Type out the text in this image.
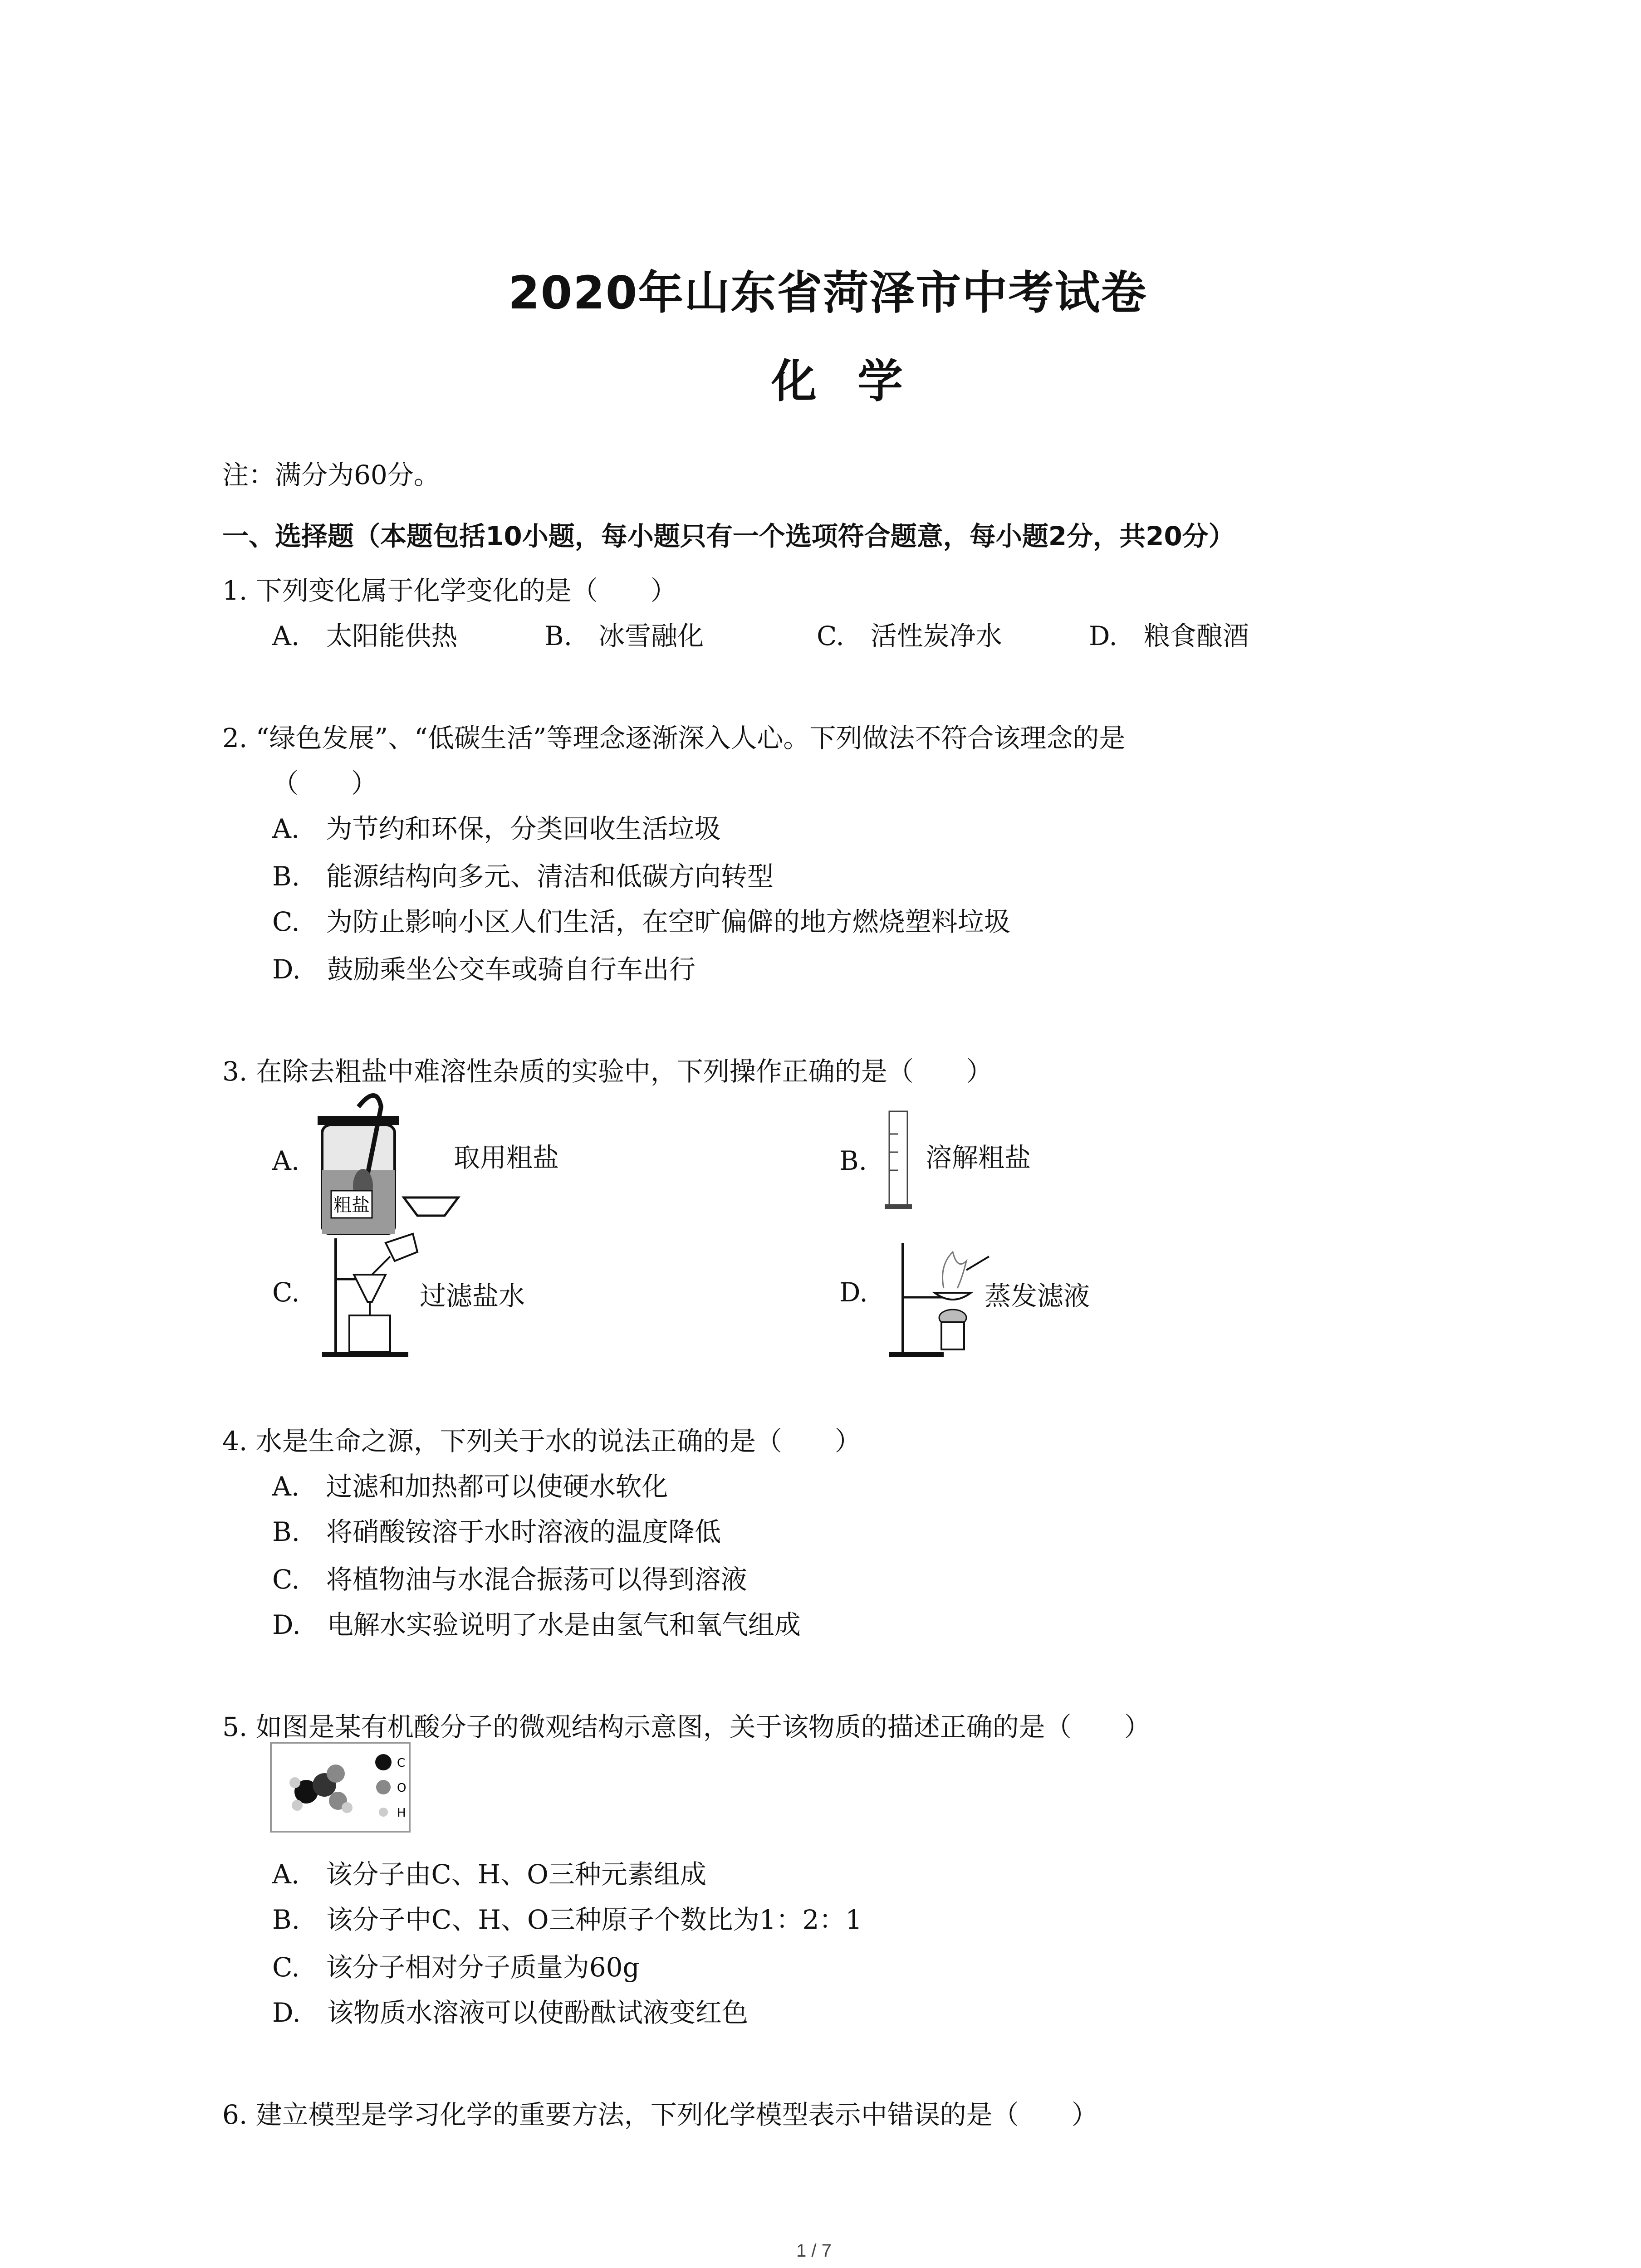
2020年山东省菏泽市中考试卷
化学
注：满分为60分。
一、选择题（本题包括10小题，每小题只有一个选项符合题意，每小题2分，共20分）
1. 下列变化属于化学变化的是（　　）
A.　太阳能供热	B.　冰雪融化	C.　活性炭净水	D.　粮食酿酒
2. “绿色发展”、“低碳生活”等理念逐渐深入人心。下列做法不符合该理念的是
（　　）
A.　为节约和环保，分类回收生活垃圾
B.　能源结构向多元、清洁和低碳方向转型
C.　为防止影响小区人们生活，在空旷偏僻的地方燃烧塑料垃圾
D.　鼓励乘坐公交车或骑自行车出行
3. 在除去粗盐中难溶性杂质的实验中，下列操作正确的是（　　）
A.
粗盐
取用粗盐	B. 溶解粗盐
C.	过滤盐水	D.	蒸发滤液
4. 水是生命之源，下列关于水的说法正确的是（　　）
A.　过滤和加热都可以使硬水软化
B.　将硝酸铵溶于水时溶液的温度降低
C.　将植物油与水混合振荡可以得到溶液
D.　电解水实验说明了水是由氢气和氧气组成
5. 如图是某有机酸分子的微观结构示意图，关于该物质的描述正确的是（　　）
C
O
H
A.　该分子由C、H、O三种元素组成
B.　该分子中C、H、O三种原子个数比为1：2：1
C.　该分子相对分子质量为60g
D.　该物质水溶液可以使酚酞试液变红色
6. 建立模型是学习化学的重要方法，下列化学模型表示中错误的是（　　）
1 / 7
